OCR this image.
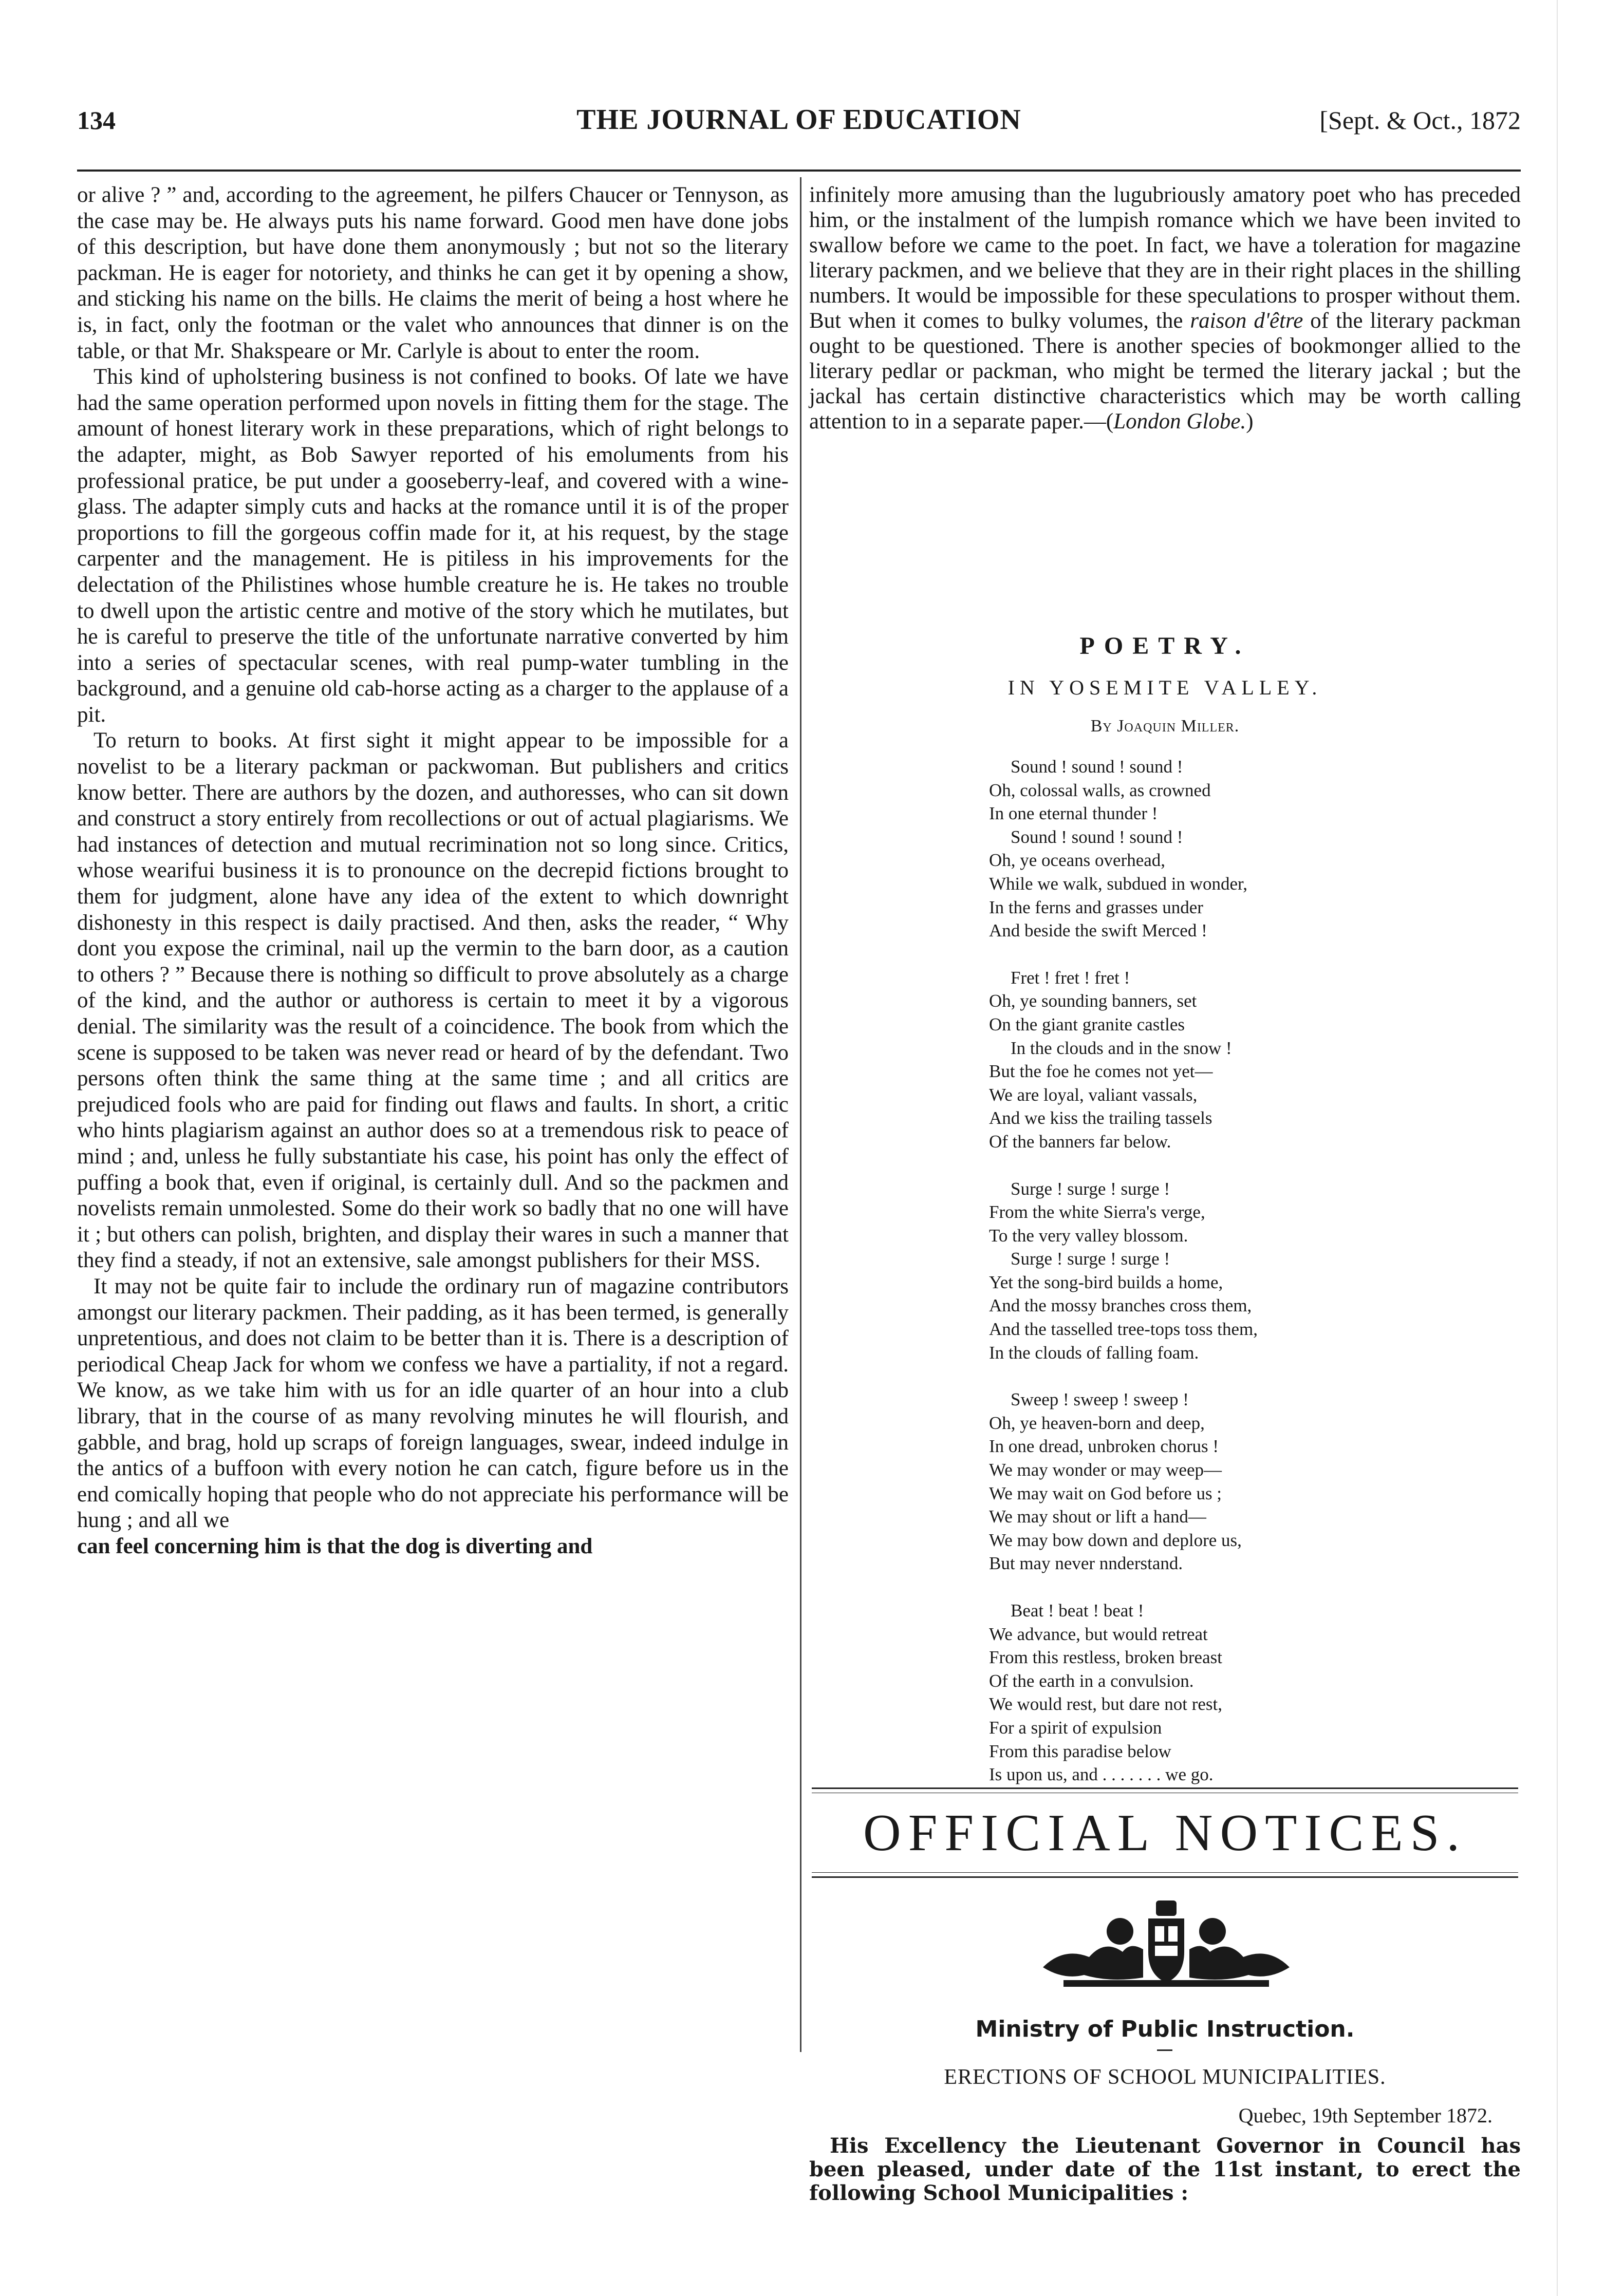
134	THE JOURNAL OF EDUCATION	[Sept. & Oct., 1872

or alive ? ” and, according to the agreement, he pilfers Chaucer or Tennyson, as the case may be. He always puts his name forward. Good men have done jobs of this description, but have done them anonymously ; but not so the literary packman. He is eager for notoriety, and thinks he can get it by opening a show, and sticking his name on the bills. He claims the merit of being a host where he is, in fact, only the footman or the valet who announces that dinner is on the table, or that Mr. Shakspeare or Mr. Carlyle is about to enter the room.

This kind of upholstering business is not confined to books. Of late we have had the same operation performed upon novels in fitting them for the stage. The amount of honest literary work in these preparations, which of right belongs to the adapter, might, as Bob Sawyer reported of his emoluments from his professional pratice, be put under a gooseberry-leaf, and covered with a wine-glass. The adapter simply cuts and hacks at the romance until it is of the proper proportions to fill the gorgeous coffin made for it, at his request, by the stage carpenter and the management. He is pitiless in his improvements for the delectation of the Philistines whose humble creature he is. He takes no trouble to dwell upon the artistic centre and motive of the story which he mutilates, but he is careful to preserve the title of the unfortunate narrative converted by him into a series of spectacular scenes, with real pump-water tumbling in the background, and a genuine old cab-horse acting as a charger to the applause of a pit.

To return to books. At first sight it might appear to be impossible for a novelist to be a literary packman or packwoman. But publishers and critics know better. There are authors by the dozen, and authoresses, who can sit down and construct a story entirely from recollections or out of actual plagiarisms. We had instances of detection and mutual recrimination not so long since. Critics, whose wearifui business it is to pronounce on the decrepid fictions brought to them for judgment, alone have any idea of the extent to which downright dishonesty in this respect is daily practised. And then, asks the reader, “ Why dont you expose the criminal, nail up the vermin to the barn door, as a caution to others ? ” Because there is nothing so difficult to prove absolutely as a charge of the kind, and the author or authoress is certain to meet it by a vigorous denial. The similarity was the result of a coincidence. The book from which the scene is supposed to be taken was never read or heard of by the defendant. Two persons often think the same thing at the same time ; and all critics are prejudiced fools who are paid for finding out flaws and faults. In short, a critic who hints plagiarism against an author does so at a tremendous risk to peace of mind ; and, unless he fully substantiate his case, his point has only the effect of puffing a book that, even if original, is certainly dull. And so the packmen and novelists remain unmolested. Some do their work so badly that no one will have it ; but others can polish, brighten, and display their wares in such a manner that they find a steady, if not an extensive, sale amongst publishers for their MSS.

It may not be quite fair to include the ordinary run of magazine contributors amongst our literary packmen. Their padding, as it has been termed, is generally unpretentious, and does not claim to be better than it is. There is a description of periodical Cheap Jack for whom we confess we have a partiality, if not a regard. We know, as we take him with us for an idle quarter of an hour into a club library, that in the course of as many revolving minutes he will flourish, and gabble, and brag, hold up scraps of foreign languages, swear, indeed indulge in the antics of a buffoon with every notion he can catch, figure before us in the end comically hoping that people who do not appreciate his performance will be hung ; and all we

can feel concerning him is that the dog is diverting and

infinitely more amusing than the lugubriously amatory poet who has preceded him, or the instalment of the lumpish romance which we have been invited to swallow before we came to the poet. In fact, we have a toleration for magazine literary packmen, and we believe that they are in their right places in the shilling numbers. It would be impossible for these speculations to prosper without them. But when it comes to bulky volumes, the raison d'être of the literary packman ought to be questioned. There is another species of bookmonger allied to the literary pedlar or packman, who might be termed the literary jackal ; but the jackal has certain distinctive characteristics which may be worth calling attention to in a separate paper.—(London Globe.)

POETRY.
IN YOSEMITE VALLEY.
By Joaquin Miller.
Sound ! sound ! sound !
Oh, colossal walls, as crowned
In one eternal thunder !
Sound ! sound ! sound !
Oh, ye oceans overhead,
While we walk, subdued in wonder,
In the ferns and grasses under
And beside the swift Merced !
Fret ! fret ! fret !
Oh, ye sounding banners, set
On the giant granite castles
In the clouds and in the snow !
But the foe he comes not yet—
We are loyal, valiant vassals,
And we kiss the trailing tassels
Of the banners far below.
Surge ! surge ! surge !
From the white Sierra's verge,
To the very valley blossom.
Surge ! surge ! surge !
Yet the song-bird builds a home,
And the mossy branches cross them,
And the tasselled tree-tops toss them,
In the clouds of falling foam.
Sweep ! sweep ! sweep !
Oh, ye heaven-born and deep,
In one dread, unbroken chorus !
We may wonder or may weep—
We may wait on God before us ;
We may shout or lift a hand—
We may bow down and deplore us,
But may never nnderstand.
Beat ! beat ! beat !
We advance, but would retreat
From this restless, broken breast
Of the earth in a convulsion.
We would rest, but dare not rest,
For a spirit of expulsion
From this paradise below
Is upon us, and . . . . . . . we go.
OFFICIAL NOTICES.
Ministry of Public Instruction.
ERECTIONS OF SCHOOL MUNICIPALITIES.
Quebec, 19th September 1872.
His Excellency the Lieutenant Governor in Council has been pleased, under date of the 11st instant, to erect the following School Municipalities :
